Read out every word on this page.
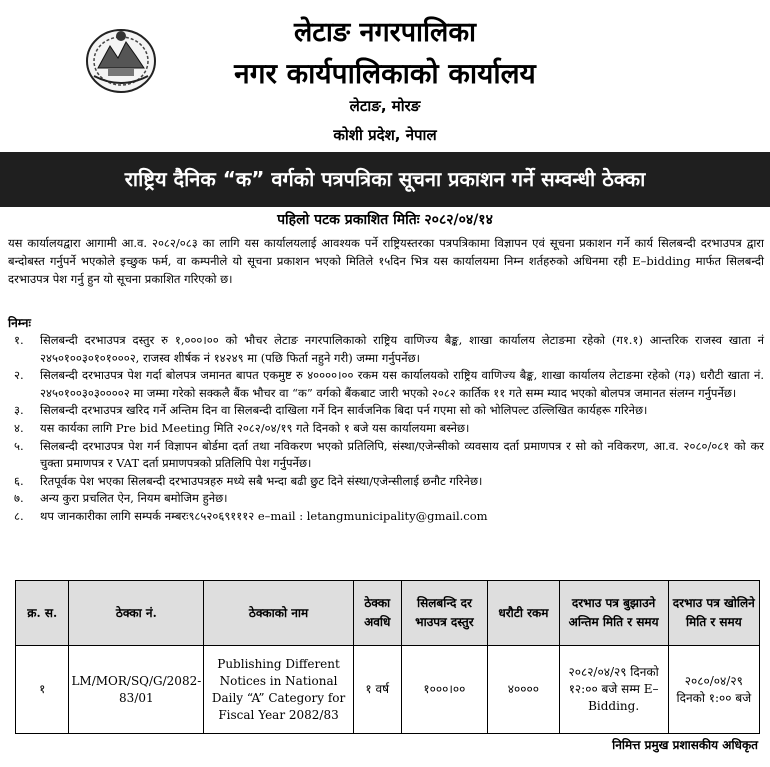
लेटाङ नगरपालिका
नगर कार्यपालिकाको कार्यालय
लेटाङ, मोरङ
कोशी प्रदेश, नेपाल
राष्ट्रिय दैनिक “क” वर्गको पत्रपत्रिका सूचना प्रकाशन गर्ने सम्वन्धी ठेक्का
पहिलो पटक प्रकाशित मितिः २०८२/०४/१४
यस कार्यालयद्वारा आगामी आ.व. २०८२/०८३ का लागि यस कार्यालयलाई आवश्यक पर्ने राष्ट्रियस्तरका पत्रपत्रिकामा विज्ञापन एवं सूचना प्रकाशन गर्ने कार्य सिलबन्दी दरभाउपत्र द्वारा बन्दोबस्त गर्नुपर्ने भएकोले इच्छुक फर्म, वा कम्पनीले यो सूचना प्रकाशन भएको मितिले १५दिन भित्र यस कार्यालयमा निम्न शर्तहरुको अधिनमा रही E–bidding मार्फत सिलबन्दी दरभाउपत्र पेश गर्नु हुन यो सूचना प्रकाशित गरिएको छ।
निम्नः
१.	सिलबन्दी दरभाउपत्र दस्तुर रु १,०००।०० को भौचर लेटाङ नगरपालिकाको राष्ट्रिय वाणिज्य बैङ्क, शाखा कार्यालय लेटाङमा रहेको (ग१.१) आन्तरिक राजस्व खाता नं २४५०१००३०१०१०००२, राजस्व शीर्षक नं १४२४९ मा (पछि फिर्ता नहुने गरी) जम्मा गर्नुपर्नेछ।
२.	सिलबन्दी दरभाउपत्र पेश गर्दा बोलपत्र जमानत बापत एकमुष्ट रु ४००००।०० रकम यस कार्यालयको राष्ट्रिय वाणिज्य बैङ्क, शाखा कार्यालय लेटाङमा रहेको (ग३) धरौटी खाता नं. २४५०१००३०३००००२ मा जम्मा गरेको सक्कलै बैंक भौचर वा “क” वर्गको बैंकबाट जारी भएको २०८२ कार्तिक ११ गते सम्म म्याद भएको बोलपत्र जमानत संलग्न गर्नुपर्नेछ।
३.	सिलबन्दी दरभाउपत्र खरिद गर्ने अन्तिम दिन वा सिलबन्दी दाखिला गर्ने दिन सार्वजनिक बिदा पर्न गएमा सो को भोलिपल्ट उल्लिखित कार्यहरू गरिनेछ।
४.	यस कार्यका लागि Pre bid Meeting मिति २०८२/०४/१९ गते दिनको १ बजे यस कार्यालयमा बस्नेछ।
५.	सिलबन्दी दरभाउपत्र पेश गर्न विज्ञापन बोर्डमा दर्ता तथा नविकरण भएको प्रतिलिपि, संस्था/एजेन्सीको व्यवसाय दर्ता प्रमाणपत्र र सो को नविकरण, आ.व. २०८०/०८१ को कर चुक्ता प्रमाणपत्र र VAT दर्ता प्रमाणपत्रको प्रतिलिपि पेश गर्नुपर्नेछ।
६.	रितपूर्वक पेश भएका सिलबन्दी दरभाउपत्रहरु मध्ये सबै भन्दा बढी छुट दिने संस्था/एजेन्सीलाई छनौट गरिनेछ।
७.	अन्य कुरा प्रचलित ऐन, नियम बमोजिम हुनेछ।
८.	थप जानकारीका लागि सम्पर्क नम्बरः९८५२०६९१११२ e–mail : letangmunicipality@gmail.com
क्र. स.	ठेक्का नं.	ठेक्काको नाम	ठेक्का अवधि	सिलबन्दि दर भाउपत्र दस्तुर	धरौटी रकम	दरभाउ पत्र बुझाउने अन्तिम मिति र समय	दरभाउ पत्र खोलिने मिति र समय
१	LM/MOR/SQ/G/2082-83/01	Publishing Different Notices in National Daily “A” Category for Fiscal Year 2082/83	१ वर्ष	१०००।००	४००००	२०८२/०४/२९ दिनको १२:०० बजे सम्म E–Bidding.	२०८०/०४/२९ दिनको १:०० बजे
निमित्त प्रमुख प्रशासकीय अधिकृत
